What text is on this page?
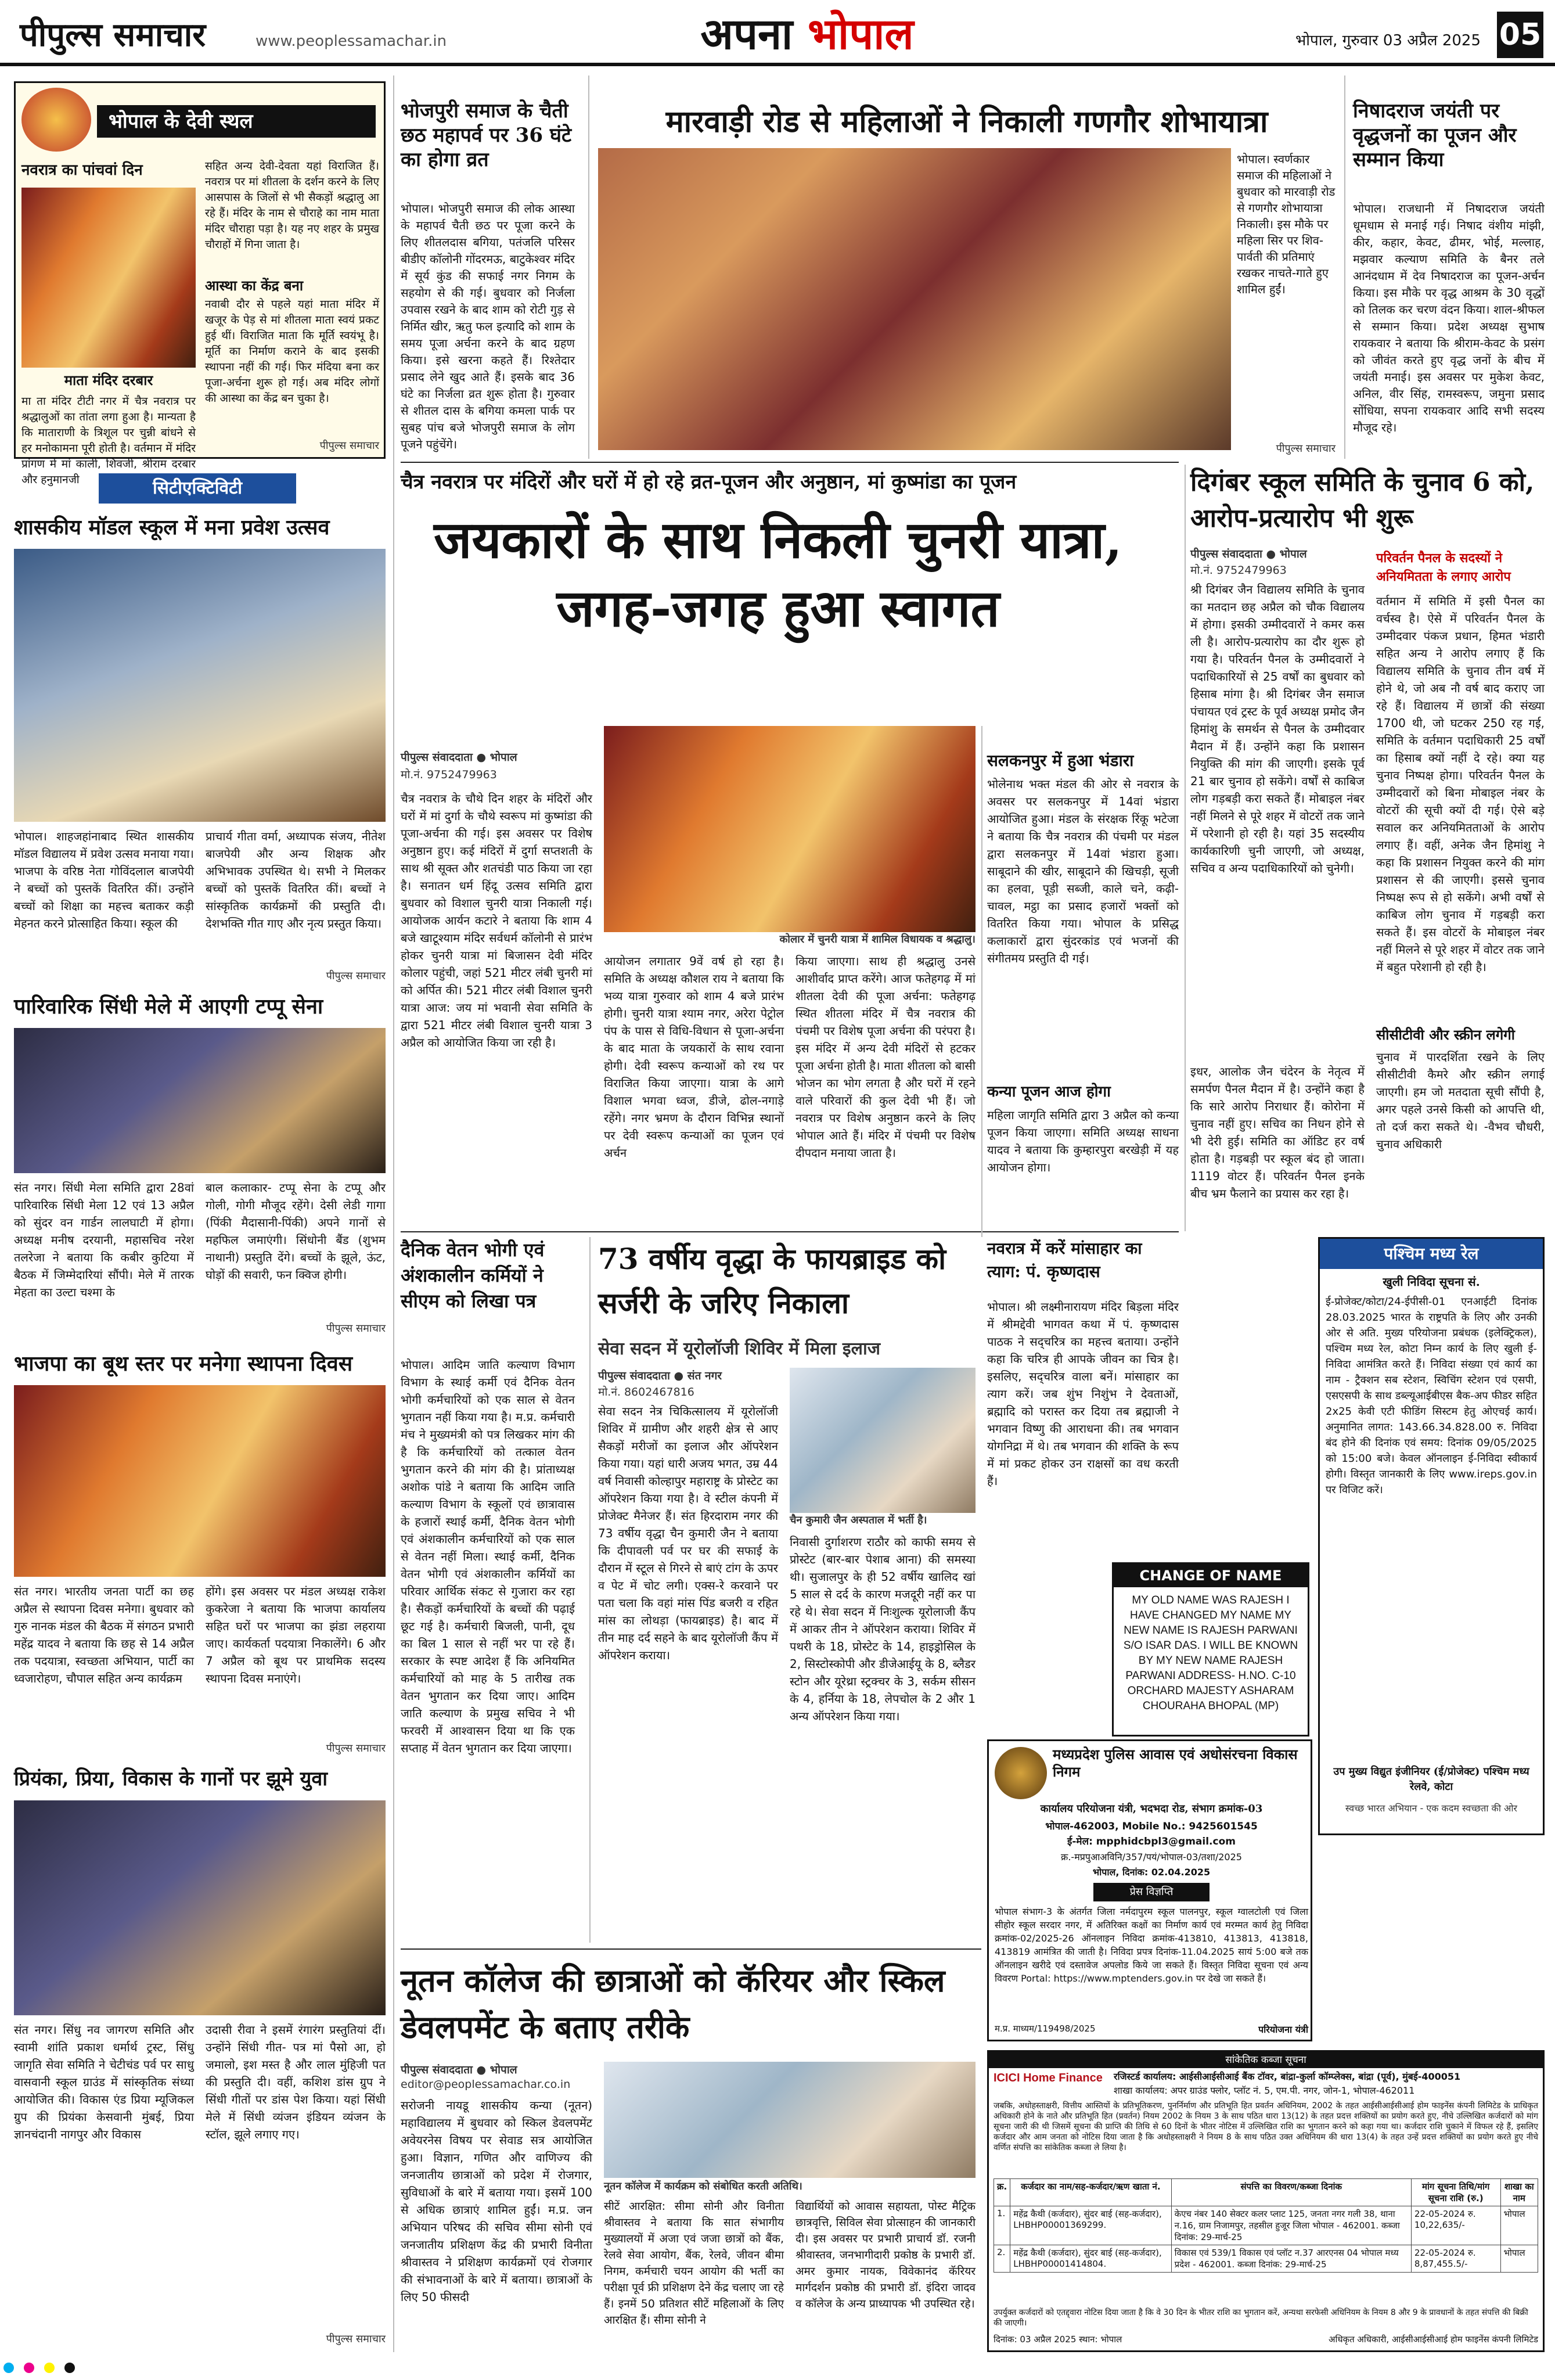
पीपुल्स समाचार	www.peoplessamachar.in	अपना भोपाल	भोपाल, गुरुवार 03 अप्रैल 2025 05
भोपाल के देवी स्थल
नवरात्र का पांचवां दिन
माता मंदिर दरबार
मा ता मंदिर टीटी नगर में चैत्र नवरात्र पर श्रद्धालुओं का तांता लगा हुआ है। मान्यता है कि माताराणी के त्रिशूल पर चुन्नी बांधने से हर मनोकामना पूरी होती है। वर्तमान में मंदिर प्रांगण में मां काली, शिवजी, श्रीराम दरबार और हनुमानजी
सहित अन्य देवी-देवता यहां विराजित हैं। नवरात्र पर मां शीतला के दर्शन करने के लिए आसपास के जिलों से भी सैकड़ों श्रद्धालु आ रहे हैं। मंदिर के नाम से चौराहे का नाम माता मंदिर चौराहा पड़ा है। यह नए शहर के प्रमुख चौराहों में गिना जाता है।
आस्था का केंद्र बना
नवाबी दौर से पहले यहां माता मंदिर में खजूर के पेड़ से मां शीतला माता स्वयं प्रकट हुई थीं। विराजित माता कि मूर्ति स्वयंभू है। मूर्ति का निर्माण कराने के बाद इसकी स्थापना नहीं की गई। फिर मंदिया बना कर पूजा-अर्चना शुरू हो गई। अब मंदिर लोगों की आस्था का केंद्र बन चुका है।
पीपुल्स समाचार
भोजपुरी समाज के चैती छठ महापर्व पर 36 घंटे का होगा व्रत
भोपाल। भोजपुरी समाज की लोक आस्था के महापर्व चैती छठ पर पूजा करने के लिए शीतलदास बगिया, पतंजलि परिसर बीडीए कॉलोनी गोंदरमऊ, बाटुकेश्वर मंदिर में सूर्य कुंड की सफाई नगर निगम के सहयोग से की गई। बुधवार को निर्जला उपवास रखने के बाद शाम को रोटी गुड़ से निर्मित खीर, ऋतु फल इत्यादि को शाम के समय पूजा अर्चना करने के बाद ग्रहण किया। इसे खरना कहते हैं। रिश्तेदार प्रसाद लेने खुद आते हैं। इसके बाद 36 घंटे का निर्जला व्रत शुरू होता है। गुरुवार से शीतल दास के बगिया कमला पार्क पर सुबह पांच बजे भोजपुरी समाज के लोग पूजने पहुंचेंगे।
मारवाड़ी रोड से महिलाओं ने निकाली गणगौर शोभायात्रा
भोपाल। स्वर्णकार समाज की महिलाओं ने बुधवार को मारवाड़ी रोड से गणगौर शोभायात्रा निकाली। इस मौके पर महिला सिर पर शिव-पार्वती की प्रतिमाएं रखकर नाचते-गाते हुए शामिल हुईं।
पीपुल्स समाचार
निषादराज जयंती पर वृद्धजनों का पूजन और सम्मान किया
भोपाल। राजधानी में निषादराज जयंती धूमधाम से मनाई गई। निषाद वंशीय मांझी, कीर, कहार, केवट, ढीमर, भोई, मल्लाह, मझवार कल्याण समिति के बैनर तले आनंदधाम में देव निषादराज का पूजन-अर्चन किया। इस मौके पर वृद्ध आश्रम के 30 वृद्धों को तिलक कर चरण वंदन किया। शाल-श्रीफल से सम्मान किया। प्रदेश अध्यक्ष सुभाष रायकवार ने बताया कि श्रीराम-केवट के प्रसंग को जीवंत करते हुए वृद्ध जनों के बीच में जयंती मनाई। इस अवसर पर मुकेश केवट, अनिल, वीर सिंह, रामस्वरूप, जमुना प्रसाद सोंधिया, सपना रायकवार आदि सभी सदस्य मौजूद रहे।
चैत्र नवरात्र पर मंदिरों और घरों में हो रहे व्रत-पूजन और अनुष्ठान, मां कुष्मांडा का पूजन
जयकारों के साथ निकली चुनरी यात्रा, जगह-जगह हुआ स्वागत
पीपुल्स संवाददाता ● भोपाल
मो.नं. 9752479963
चैत्र नवरात्र के चौथे दिन शहर के मंदिरों और घरों में मां दुर्गा के चौथे स्वरूप मां कुष्मांडा की पूजा-अर्चना की गई। इस अवसर पर विशेष अनुष्ठान हुए। कई मंदिरों में दुर्गा सप्तशती के साथ श्री सूक्त और शतचंडी पाठ किया जा रहा है। सनातन धर्म हिंदू उत्सव समिति द्वारा बुधवार को विशाल चुनरी यात्रा निकाली गई। आयोजक आर्यन कटारे ने बताया कि शाम 4 बजे खाटूश्याम मंदिर सर्वधर्म कॉलोनी से प्रारंभ होकर चुनरी यात्रा मां बिजासन देवी मंदिर कोलार पहुंची, जहां 521 मीटर लंबी चुनरी मां को अर्पित की। 521 मीटर लंबी विशाल चुनरी यात्रा आज: जय मां भवानी सेवा समिति के द्वारा 521 मीटर लंबी विशाल चुनरी यात्रा 3 अप्रैल को आयोजित किया जा रही है।
कोलार में चुनरी यात्रा में शामिल विधायक व श्रद्धालु।
आयोजन लगातार 9वें वर्ष हो रहा है। समिति के अध्यक्ष कौशल राय ने बताया कि भव्य यात्रा गुरुवार को शाम 4 बजे प्रारंभ होगी। चुनरी यात्रा श्याम नगर, अरेरा पेट्रोल पंप के पास से विधि-विधान से पूजा-अर्चना के बाद माता के जयकारों के साथ रवाना होगी। देवी स्वरूप कन्याओं को रथ पर विराजित किया जाएगा। यात्रा के आगे विशाल भगवा ध्वज, डीजे, ढोल-नगाड़े रहेंगे। नगर भ्रमण के दौरान विभिन्न स्थानों पर देवी स्वरूप कन्याओं का पूजन एवं अर्चन
किया जाएगा। साथ ही श्रद्धालु उनसे आशीर्वाद प्राप्त करेंगे। आज फतेहगढ़ में मां शीतला देवी की पूजा अर्चना: फतेहगढ़ स्थित शीतला मंदिर में चैत्र नवरात्र की पंचमी पर विशेष पूजा अर्चना की परंपरा है। इस मंदिर में अन्य देवी मंदिरों से हटकर पूजा अर्चना होती है। माता शीतला को बासी भोजन का भोग लगता है और घरों में रहने वाले परिवारों की कुल देवी भी हैं। जो नवरात्र पर विशेष अनुष्ठान करने के लिए भोपाल आते हैं। मंदिर में पंचमी पर विशेष दीपदान मनाया जाता है।
सलकनपुर में हुआ भंडारा
भोलेनाथ भक्त मंडल की ओर से नवरात्र के अवसर पर सलकनपुर में 14वां भंडारा आयोजित हुआ। मंडल के संरक्षक रिंकू भटेजा ने बताया कि चैत्र नवरात्र की पंचमी पर मंडल द्वारा सलकनपुर में 14वां भंडारा हुआ। साबूदाने की खीर, साबूदाने की खिचड़ी, सूजी का हलवा, पूड़ी सब्जी, काले चने, कढ़ी-चावल, मट्ठा का प्रसाद हजारों भक्तों को वितरित किया गया। भोपाल के प्रसिद्ध कलाकारों द्वारा सुंदरकांड एवं भजनों की संगीतमय प्रस्तुति दी गई।
कन्या पूजन आज होगा
महिला जागृति समिति द्वारा 3 अप्रैल को कन्या पूजन किया जाएगा। समिति अध्यक्ष साधना यादव ने बताया कि कुम्हारपुरा बरखेड़ी में यह आयोजन होगा।
दिगंबर स्कूल समिति के चुनाव 6 को, आरोप-प्रत्यारोप भी शुरू
पीपुल्स संवाददाता ● भोपाल
मो.नं. 9752479963
श्री दिगंबर जैन विद्यालय समिति के चुनाव का मतदान छह अप्रैल को चौक विद्यालय में होगा। इसकी उम्मीदवारों ने कमर कस ली है। आरोप-प्रत्यारोप का दौर शुरू हो गया है। परिवर्तन पैनल के उम्मीदवारों ने पदाधिकारियों से 25 वर्षों का बुधवार को हिसाब मांगा है। श्री दिगंबर जैन समाज पंचायत एवं ट्रस्ट के पूर्व अध्यक्ष प्रमोद जैन हिमांशु के समर्थन से पैनल के उम्मीदवार मैदान में हैं। उन्होंने कहा कि प्रशासन नियुक्ति की मांग की जाएगी। इसके पूर्व 21 बार चुनाव हो सकेंगे। वर्षों से काबिज लोग गड़बड़ी करा सकते हैं। मोबाइल नंबर नहीं मिलने से पूरे शहर में वोटरों तक जाने में परेशानी हो रही है। यहां 35 सदस्यीय कार्यकारिणी चुनी जाएगी, जो अध्यक्ष, सचिव व अन्य पदाधिकारियों को चुनेगी।
इधर, आलोक जैन चंदेरन के नेतृत्व में समर्पण पैनल मैदान में है। उन्होंने कहा है कि सारे आरोप निराधार हैं। कोरोना में चुनाव नहीं हुए। सचिव का निधन होने से भी देरी हुई। समिति का ऑडिट हर वर्ष होता है। गड़बड़ी पर स्कूल बंद हो जाता। 1119 वोटर हैं। परिवर्तन पैनल इनके बीच भ्रम फैलाने का प्रयास कर रहा है।
परिवर्तन पैनल के सदस्यों ने अनियमितता के लगाए आरोप
वर्तमान में समिति में इसी पैनल का वर्चस्व है। ऐसे में परिवर्तन पैनल के उम्मीदवार पंकज प्रधान, हिमत भंडारी सहित अन्य ने आरोप लगाए हैं कि विद्यालय समिति के चुनाव तीन वर्ष में होने थे, जो अब नौ वर्ष बाद कराए जा रहे हैं। विद्यालय में छात्रों की संख्या 1700 थी, जो घटकर 250 रह गई, समिति के वर्तमान पदाधिकारी 25 वर्षों का हिसाब क्यों नहीं दे रहे। क्या यह चुनाव निष्पक्ष होगा। परिवर्तन पैनल के उम्मीदवारों को बिना मोबाइल नंबर के वोटरों की सूची क्यों दी गई। ऐसे बड़े सवाल कर अनियमितताओं के आरोप लगाए हैं। वहीं, अनेक जैन हिमांशु ने कहा कि प्रशासन नियुक्त करने की मांग प्रशासन से की जाएगी। इससे चुनाव निष्पक्ष रूप से हो सकेंगे। अभी वर्षों से काबिज लोग चुनाव में गड़बड़ी करा सकते हैं। इस वोटरों के मोबाइल नंबर नहीं मिलने से पूरे शहर में वोटर तक जाने में बहुत परेशानी हो रही है।
सीसीटीवी और स्क्रीन लगेगी
चुनाव में पारदर्शिता रखने के लिए सीसीटीवी कैमरे और स्क्रीन लगाई जाएगी। हम जो मतदाता सूची सौंपी है, अगर पहले उनसे किसी को आपत्ति थी, तो दर्ज करा सकते थे। -वैभव चौधरी, चुनाव अधिकारी
सिटीएक्टिविटी
शासकीय मॉडल स्कूल में मना प्रवेश उत्सव
भोपाल। शाहजहांनाबाद स्थित शासकीय मॉडल विद्यालय में प्रवेश उत्सव मनाया गया। भाजपा के वरिष्ठ नेता गोविंदलाल बाजपेयी ने बच्चों को पुस्तकें वितरित कीं। उन्होंने बच्चों को शिक्षा का महत्त्व बताकर कड़ी मेहनत करने प्रोत्साहित किया। स्कूल की
प्राचार्य गीता वर्मा, अध्यापक संजय, नीतेश बाजपेयी और अन्य शिक्षक और अभिभावक उपस्थित थे। सभी ने मिलकर बच्चों को पुस्तकें वितरित कीं। बच्चों ने सांस्कृतिक कार्यक्रमों की प्रस्तुति दी। देशभक्ति गीत गाए और नृत्य प्रस्तुत किया।
पीपुल्स समाचार
पारिवारिक सिंधी मेले में आएगी टप्पू सेना
संत नगर। सिंधी मेला समिति द्वारा 28वां पारिवारिक सिंधी मेला 12 एवं 13 अप्रैल को सुंदर वन गार्डन लालघाटी में होगा। अध्यक्ष मनीष दरयानी, महासचिव नरेश तलरेजा ने बताया कि कबीर कुटिया में बैठक में जिम्मेदारियां सौंपी। मेले में तारक मेहता का उल्टा चश्मा के
बाल कलाकार- टप्पू सेना के टप्पू और गोली, गोगी मौजूद रहेंगे। देसी लेडी गागा (पिंकी मैदासानी-पिंकी) अपने गानों से महफिल जमाएंगी। सिंधोनी बैंड (शुभम नाथानी) प्रस्तुति देंगे। बच्चों के झूले, ऊंट, घोड़ों की सवारी, फन क्विज होगी।
पीपुल्स समाचार
भाजपा का बूथ स्तर पर मनेगा स्थापना दिवस
संत नगर। भारतीय जनता पार्टी का छह अप्रैल से स्थापना दिवस मनेगा। बुधवार को गुरु नानक मंडल की बैठक में संगठन प्रभारी महेंद्र यादव ने बताया कि छह से 14 अप्रैल तक पदयात्रा, स्वच्छता अभियान, पार्टी का ध्वजारोहण, चौपाल सहित अन्य कार्यक्रम
होंगे। इस अवसर पर मंडल अध्यक्ष राकेश कुकरेजा ने बताया कि भाजपा कार्यालय सहित घरों पर भाजपा का झंडा लहराया जाए। कार्यकर्ता पदयात्रा निकालेंगे। 6 और 7 अप्रैल को बूथ पर प्राथमिक सदस्य स्थापना दिवस मनाएंगे।
पीपुल्स समाचार
प्रियंका, प्रिया, विकास के गानों पर झूमे युवा
संत नगर। सिंधु नव जागरण समिति और स्वामी शांति प्रकाश धर्मार्थ ट्रस्ट, सिंधु जागृति सेवा समिति ने चेटीचंड पर्व पर साधु वासवानी स्कूल ग्राउंड में सांस्कृतिक संध्या आयोजित की। विकास एंड प्रिया म्यूजिकल ग्रुप की प्रियंका केसवानी मुंबई, प्रिया ज्ञानचंदानी नागपुर और विकास
उदासी रीवा ने इसमें रंगारंग प्रस्तुतियां दीं। उन्होंने सिंधी गीत- पत्र मां पैसो आ, हो जमालो, इश मस्त है और लाल मुंहिजी पत की प्रस्तुति दी। वहीं, कशिश डांस ग्रुप ने सिंधी गीतों पर डांस पेश किया। यहां सिंधी मेले में सिंधी व्यंजन इंडियन व्यंजन के स्टॉल, झूले लगाए गए।
पीपुल्स समाचार
दैनिक वेतन भोगी एवं अंशकालीन कर्मियों ने सीएम को लिखा पत्र
भोपाल। आदिम जाति कल्याण विभाग विभाग के स्थाई कर्मी एवं दैनिक वेतन भोगी कर्मचारियों को एक साल से वेतन भुगतान नहीं किया गया है। म.प्र. कर्मचारी मंच ने मुख्यमंत्री को पत्र लिखकर मांग की है कि कर्मचारियों को तत्काल वेतन भुगतान करने की मांग की है। प्रांताध्यक्ष अशोक पांडे ने बताया कि आदिम जाति कल्याण विभाग के स्कूलों एवं छात्रावास के हजारों स्थाई कर्मी, दैनिक वेतन भोगी एवं अंशकालीन कर्मचारियों को एक साल से वेतन नहीं मिला। स्थाई कर्मी, दैनिक वेतन भोगी एवं अंशकालीन कर्मियों का परिवार आर्थिक संकट से गुजारा कर रहा है। सैकड़ों कर्मचारियों के बच्चों की पढ़ाई छूट गई है। कर्मचारी बिजली, पानी, दूध का बिल 1 साल से नहीं भर पा रहे हैं। सरकार के स्पष्ट आदेश हैं कि अनियमित कर्मचारियों को माह के 5 तारीख तक वेतन भुगतान कर दिया जाए। आदिम जाति कल्याण के प्रमुख सचिव ने भी फरवरी में आश्वासन दिया था कि एक सप्ताह में वेतन भुगतान कर दिया जाएगा।
73 वर्षीय वृद्धा के फायब्राइड को सर्जरी के जरिए निकाला
सेवा सदन में यूरोलॉजी शिविर में मिला इलाज
पीपुल्स संवाददाता ● संत नगर
मो.नं. 8602467816
सेवा सदन नेत्र चिकित्सालय में यूरोलॉजी शिविर में ग्रामीण और शहरी क्षेत्र से आए सैकड़ों मरीजों का इलाज और ऑपरेशन किया गया। यहां धारी अजय भगत, उम्र 44 वर्ष निवासी कोल्हापुर महाराष्ट्र के प्रोस्टेट का ऑपरेशन किया गया है। वे स्टील कंपनी में प्रोजेक्ट मैनेजर हैं। संत हिरदाराम नगर की 73 वर्षीय वृद्धा चैन कुमारी जैन ने बताया कि दीपावली पर्व पर घर की सफाई के दौरान में स्टूल से गिरने से बाएं टांग के ऊपर व पेट में चोट लगी। एक्स-रे करवाने पर पता चला कि वहां मांस पिंड बजरी व रहित मांस का लोथड़ा (फायब्राइड) है। बाद में तीन माह दर्द सहने के बाद यूरोलॉजी कैंप में ऑपरेशन कराया।
चैन कुमारी जैन अस्पताल में भर्ती है।
निवासी दुर्गाशरण राठौर को काफी समय से प्रोस्टेट (बार-बार पेशाब आना) की समस्या थी। सुजालपुर के ही 52 वर्षीय खालिद खां 5 साल से दर्द के कारण मजदूरी नहीं कर पा रहे थे। सेवा सदन में निःशुल्क यूरोलाजी कैंप में आकर तीन ने ऑपरेशन कराया। शिविर में पथरी के 18, प्रोस्टेट के 14, हाइड्रोसिल के 2, सिस्टोस्कोपी और डीजेआईयू के 8, ब्लैडर स्टोन और यूरेथ्रा स्ट्रक्चर के 3, सर्कम सीसन के 4, हर्निया के 18, लेपचोल के 2 और 1 अन्य ऑपरेशन किया गया।
नवरात्र में करें मांसाहार का त्याग: पं. कृष्णदास
भोपाल। श्री लक्ष्मीनारायण मंदिर बिड़ला मंदिर में श्रीमद्देवी भागवत कथा में पं. कृष्णदास पाठक ने सद्चरित्र का महत्त्व बताया। उन्होंने कहा कि चरित्र ही आपके जीवन का चित्र है। इसलिए, सद्चरित्र वाला बनें। मांसाहार का त्याग करें। जब शुंभ निशुंभ ने देवताओं, ब्रह्मादि को परास्त कर दिया तब ब्रह्माजी ने भगवान विष्णु की आराधना की। तब भगवान योगनिद्रा में थे। तब भगवान की शक्ति के रूप में मां प्रकट होकर उन राक्षसों का वध करती हैं।
CHANGE OF NAME
MY OLD NAME WAS RAJESH I HAVE CHANGED MY NAME MY NEW NAME IS RAJESH PARWANI S/O ISAR DAS. I WILL BE KNOWN BY MY NEW NAME RAJESH PARWANI ADDRESS- H.NO. C-10 ORCHARD MAJESTY ASHARAM CHOURAHA BHOPAL (MP)
पश्चिम मध्य रेल
खुली निविदा सूचना सं.
ई-प्रोजेक्ट/कोटा/24-ईपीसी-01 एनआईटी दिनांक 28.03.2025 भारत के राष्ट्रपति के लिए और उनकी ओर से अति. मुख्य परियोजना प्रबंधक (इलेक्ट्रिकल), पश्चिम मध्य रेल, कोटा निम्न कार्य के लिए खुली ई-निविदा आमंत्रित करते हैं। निविदा संख्या एवं कार्य का नाम - ट्रैक्शन सब स्टेशन, स्विचिंग स्टेशन एवं एसपी, एसएसपी के साथ डब्ल्यूआईबीएस बैक-अप फीडर सहित 2x25 केवी एटी फीडिंग सिस्टम हेतु ओएचई कार्य। अनुमानित लागत: 143.66.34.828.00 रु. निविदा बंद होने की दिनांक एवं समय: दिनांक 09/05/2025 को 15:00 बजे। केवल ऑनलाइन ई-निविदा स्वीकार्य होगी। विस्तृत जानकारी के लिए www.ireps.gov.in पर विजिट करें।
उप मुख्य विद्युत इंजीनियर (ई/प्रोजेक्ट) पश्चिम मध्य रेलवे, कोटा
स्वच्छ भारत अभियान - एक कदम स्वच्छता की ओर
मध्यप्रदेश पुलिस आवास एवं अधोसंरचना विकास निगम
कार्यालय परियोजना यंत्री, भदभदा रोड, संभाग क्रमांक-03
भोपाल-462003, Mobile No.: 9425601545
ई-मेल: mpphidcbpl3@gmail.com
क्र.-मप्रपुआअविनि/357/पयं/भोपाल-03/तशा/2025
भोपाल, दिनांक: 02.04.2025
प्रेस विज्ञप्ति
भोपाल संभाग-3 के अंतर्गत जिला नर्मदापुरम स्कूल पालनपुर, स्कूल ग्वालटोली एवं जिला सीहोर स्कूल सरदार नगर, में अतिरिक्त कक्षों का निर्माण कार्य एवं मरम्मत कार्य हेतु निविदा क्रमांक-02/2025-26 ऑनलाइन निविदा क्रमांक-413810, 413813, 413818, 413819 आमंत्रित की जाती है। निविदा प्रपत्र दिनांक-11.04.2025 सायं 5:00 बजे तक ऑनलाइन खरीदे एवं दस्तावेज अपलोड किये जा सकते हैं। विस्तृत निविदा सूचना एवं अन्य विवरण Portal: https://www.mptenders.gov.in पर देखे जा सकते हैं।
म.प्र. माध्यम/119498/2025	परियोजना यंत्री
नूतन कॉलेज की छात्राओं को कॅरियर और स्किल डेवलपमेंट के बताए तरीके
पीपुल्स संवाददाता ● भोपाल
editor@peoplessamachar.co.in
सरोजनी नायडू शासकीय कन्या (नूतन) महाविद्यालय में बुधवार को स्किल डेवलपमेंट अवेयरनेस विषय पर सेवाड सत्र आयोजित हुआ। विज्ञान, गणित और वाणिज्य की जनजातीय छात्राओं को प्रदेश में रोजगार, सुविधाओं के बारे में बताया गया। इसमें 100 से अधिक छात्राएं शामिल हुईं। म.प्र. जन अभियान परिषद की सचिव सीमा सोनी एवं जनजातीय प्रशिक्षण केंद्र की प्रभारी विनीता श्रीवास्तव ने प्रशिक्षण कार्यक्रमों एवं रोजगार की संभावनाओं के बारे में बताया। छात्राओं के लिए 50 फीसदी
नूतन कॉलेज में कार्यक्रम को संबोधित करती अतिथि।
सीटें आरक्षित: सीमा सोनी और विनीता श्रीवास्तव ने बताया कि सात संभागीय मुख्यालयों में अजा एवं जजा छात्रों को बैंक, रेलवे सेवा आयोग, बैंक, रेलवे, जीवन बीमा निगम, कर्मचारी चयन आयोग की भर्ती का परीक्षा पूर्व फ्री प्रशिक्षण देने केंद्र चलाए जा रहे हैं। इनमें 50 प्रतिशत सीटें महिलाओं के लिए आरक्षित हैं। सीमा सोनी ने
विद्यार्थियों को आवास सहायता, पोस्ट मैट्रिक छात्रवृत्ति, सिविल सेवा प्रोत्साहन की जानकारी दी। इस अवसर पर प्रभारी प्राचार्य डॉ. रजनी श्रीवास्तव, जनभागीदारी प्रकोष्ठ के प्रभारी डॉ. अमर कुमार नायक, विवेकानंद कॅरियर मार्गदर्शन प्रकोष्ठ की प्रभारी डॉ. इंदिरा जादव व कॉलेज के अन्य प्राध्यापक भी उपस्थित रहे।
सांकेतिक कब्जा सूचना
ICICI Home Finance	रजिस्टर्ड कार्यालय: आईसीआईसीआई बैंक टॉवर, बांद्रा-कुर्ला कॉम्प्लेक्स, बांद्रा (पूर्व), मुंबई-400051
शाखा कार्यालय: अपर ग्राउंड फ्लोर, प्लॉट नं. 5, एम.पी. नगर, जोन-1, भोपाल-462011
जबकि, अधोहस्ताक्षरी, वित्तीय आस्तियों के प्रतिभूतिकरण, पुनर्निर्माण और प्रतिभूति हित प्रवर्तन अधिनियम, 2002 के तहत आईसीआईसीआई होम फाइनेंस कंपनी लिमिटेड के प्राधिकृत अधिकारी होने के नाते और प्रतिभूति हित (प्रवर्तन) नियम 2002 के नियम 3 के साथ पठित धारा 13(12) के तहत प्रदत्त शक्तियों का प्रयोग करते हुए, नीचे उल्लिखित कर्जदारों को मांग सूचना जारी की थी जिसमें सूचना की प्राप्ति की तिथि से 60 दिनों के भीतर नोटिस में उल्लिखित राशि का भुगतान करने को कहा गया था। कर्जदार राशि चुकाने में विफल रहे हैं, इसलिए कर्जदार और आम जनता को नोटिस दिया जाता है कि अधोहस्ताक्षरी ने नियम 8 के साथ पठित उक्त अधिनियम की धारा 13(4) के तहत उन्हें प्रदत्त शक्तियों का प्रयोग करते हुए नीचे वर्णित संपत्ति का सांकेतिक कब्जा ले लिया है।
क्र.	कर्जदार का नाम/सह-कर्जदार/ऋण खाता नं.	संपत्ति का विवरण/कब्जा दिनांक	मांग सूचना तिथि/मांग सूचना राशि (रु.)	शाखा का नाम
1.	महेंद्र कैथी (कर्जदार), सुंदर बाई (सह-कर्जदार), LHBHP00001369299.	केएच नंबर 140 सेक्टर कलर प्लाट 125, जनता नगर गली 38, थाना न.16, ग्राम निजामपुर, तहसील हुजूर जिला भोपाल - 462001. कब्जा दिनांक: 29-मार्च-25	22-05-2024 रु. 10,22,635/-	भोपाल
2.	महेंद्र कैथी (कर्जदार), सुंदर बाई (सह-कर्जदार), LHBHP00001414804.	विकास एवं 539/1 विकास एवं प्लॉट न.37 आरएनस 04 भोपाल मध्य प्रदेश - 462001. कब्जा दिनांक: 29-मार्च-25	22-05-2024 रु. 8,87,455.5/-	भोपाल
उपर्युक्त कर्जदारों को एतद्द्वारा नोटिस दिया जाता है कि वे 30 दिन के भीतर राशि का भुगतान करें, अन्यथा सरफेसी अधिनियम के नियम 8 और 9 के प्रावधानों के तहत संपत्ति की बिक्री की जाएगी।
दिनांक: 03 अप्रैल 2025 स्थान: भोपाल	अधिकृत अधिकारी, आईसीआईसीआई होम फाइनेंस कंपनी लिमिटेड
